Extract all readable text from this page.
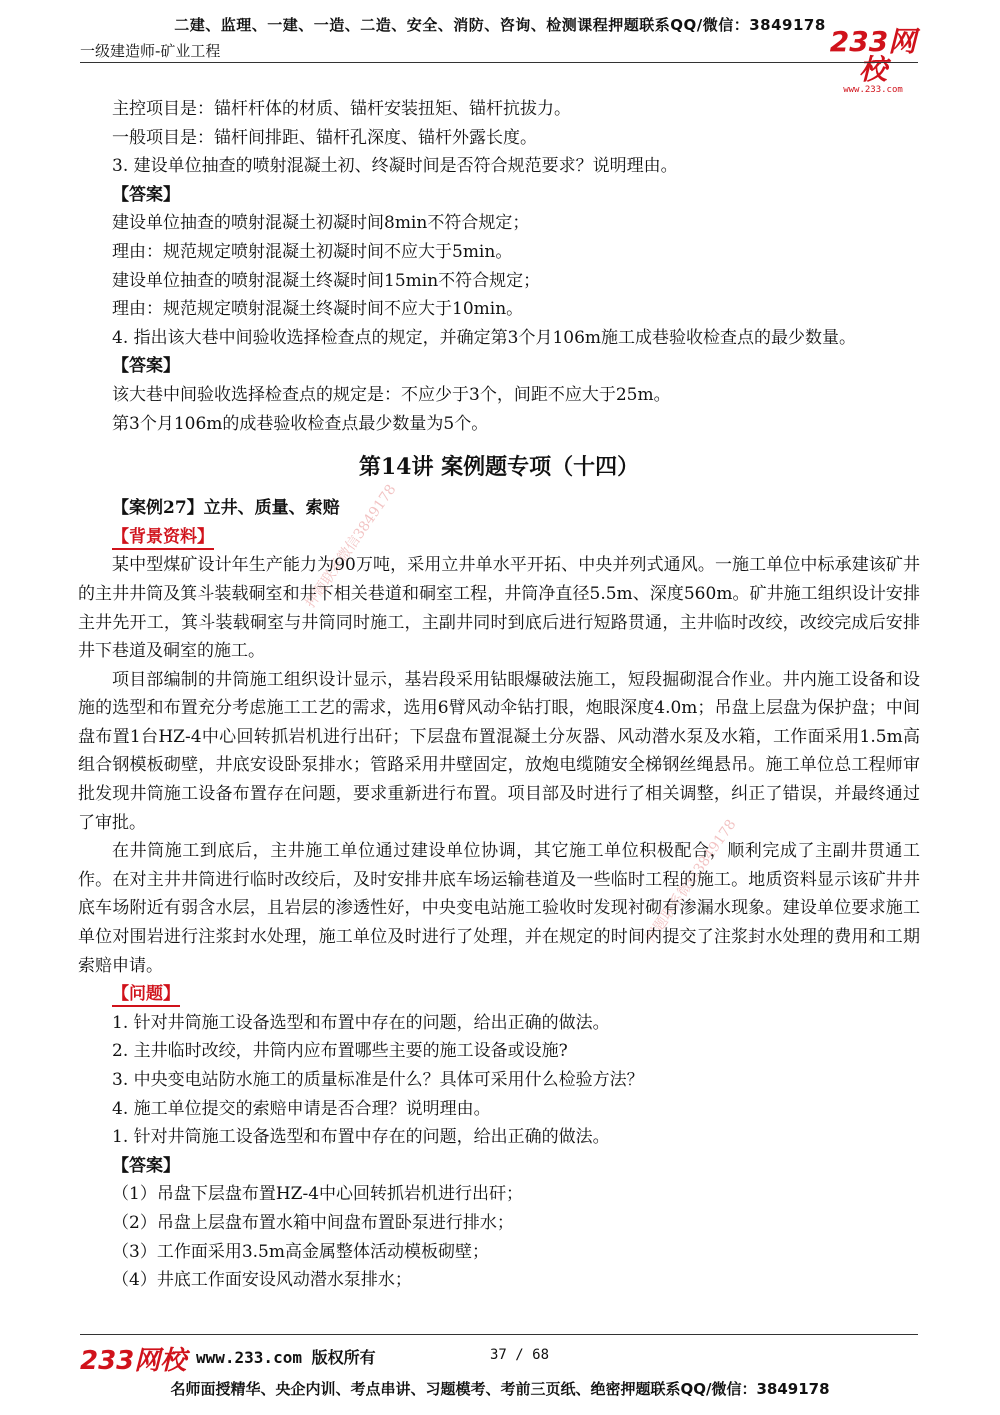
二建、监理、一建、一造、二造、安全、消防、咨询、检测课程押题联系QQ/微信：3849178
一级建造师-矿业工程	233网校
www.233.com
押题联系微信3849178
押题联系微信3849178

主控项目是：锚杆杆体的材质、锚杆安装扭矩、锚杆抗拔力。

一般项目是：锚杆间排距、锚杆孔深度、锚杆外露长度。

3. 建设单位抽查的喷射混凝土初、终凝时间是否符合规范要求？说明理由。

【答案】

建设单位抽查的喷射混凝土初凝时间8min不符合规定；

理由：规范规定喷射混凝土初凝时间不应大于5min。

建设单位抽查的喷射混凝土终凝时间15min不符合规定；

理由：规范规定喷射混凝土终凝时间不应大于10min。

4. 指出该大巷中间验收选择检查点的规定，并确定第3个月106m施工成巷验收检查点的最少数量。

【答案】

该大巷中间验收选择检查点的规定是：不应少于3个，间距不应大于25m。

第3个月106m的成巷验收检查点最少数量为5个。

第14讲 案例题专项（十四）

【案例27】立井、质量、索赔

【背景资料】

某中型煤矿设计年生产能力为90万吨，采用立井单水平开拓、中央并列式通风。一施工单位中标承建该矿井的主井井筒及箕斗装载硐室和井下相关巷道和硐室工程，井筒净直径5.5m、深度560m。矿井施工组织设计安排主井先开工，箕斗装载硐室与井筒同时施工，主副井同时到底后进行短路贯通，主井临时改绞，改绞完成后安排井下巷道及硐室的施工。

项目部编制的井筒施工组织设计显示，基岩段采用钻眼爆破法施工，短段掘砌混合作业。井内施工设备和设施的选型和布置充分考虑施工工艺的需求，选用6臂风动伞钻打眼，炮眼深度4.0m；吊盘上层盘为保护盘；中间盘布置1台HZ-4中心回转抓岩机进行出矸；下层盘布置混凝土分灰器、风动潜水泵及水箱，工作面采用1.5m高组合钢模板砌壁，井底安设卧泵排水；管路采用井壁固定，放炮电缆随安全梯钢丝绳悬吊。施工单位总工程师审批发现井筒施工设备布置存在问题，要求重新进行布置。项目部及时进行了相关调整，纠正了错误，并最终通过了审批。

在井筒施工到底后，主井施工单位通过建设单位协调，其它施工单位积极配合，顺利完成了主副井贯通工作。在对主井井筒进行临时改绞后，及时安排井底车场运输巷道及一些临时工程的施工。地质资料显示该矿井井底车场附近有弱含水层，且岩层的渗透性好，中央变电站施工验收时发现衬砌有渗漏水现象。建设单位要求施工单位对围岩进行注浆封水处理，施工单位及时进行了处理，并在规定的时间内提交了注浆封水处理的费用和工期索赔申请。

【问题】

1. 针对井筒施工设备选型和布置中存在的问题，给出正确的做法。

2. 主井临时改绞，井筒内应布置哪些主要的施工设备或设施?

3. 中央变电站防水施工的质量标准是什么？具体可采用什么检验方法？

4. 施工单位提交的索赔申请是否合理？说明理由。

1. 针对井筒施工设备选型和布置中存在的问题，给出正确的做法。

【答案】

（1）吊盘下层盘布置HZ-4中心回转抓岩机进行出矸；

（2）吊盘上层盘布置水箱中间盘布置卧泵进行排水；

（3）工作面采用3.5m高金属整体活动模板砌壁；

（4）井底工作面安设风动潜水泵排水；

233网校 www.233.com 版权所有	37 / 68
名师面授精华、央企内训、考点串讲、习题模考、考前三页纸、绝密押题联系QQ/微信：3849178
